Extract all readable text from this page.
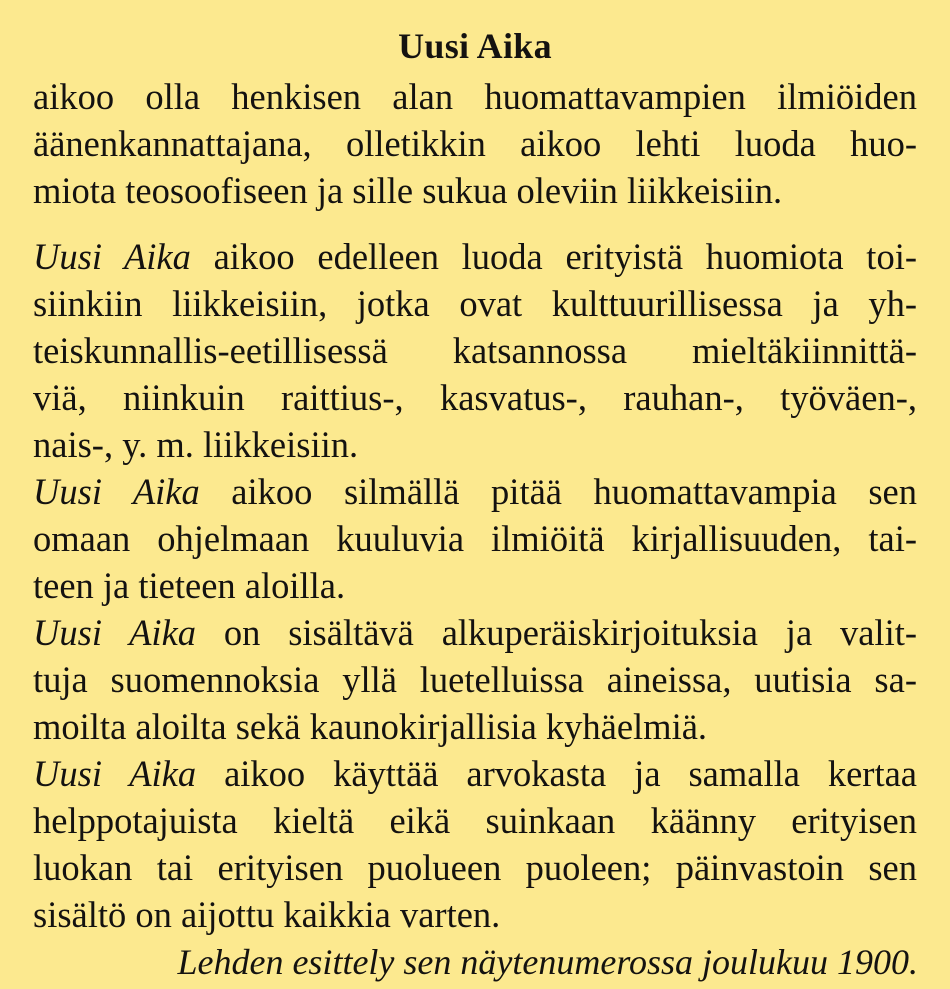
Uusi Aika
aikoo olla henkisen alan huomattavampien ilmiöiden
äänenkannattajana, olletikkin aikoo lehti luoda huo-
miota teosoofiseen ja sille sukua oleviin liikkeisiin.
Uusi Aika aikoo edelleen luoda erityistä huomiota toi-
siinkiin liikkeisiin, jotka ovat kulttuurillisessa ja yh-
teiskunnallis-eetillisessä katsannossa mieltäkiinnittä-
viä, niinkuin raittius-, kasvatus-, rauhan-, työväen-,
nais-, y. m. liikkeisiin.
Uusi Aika aikoo silmällä pitää huomattavampia sen
omaan ohjelmaan kuuluvia ilmiöitä kirjallisuuden, tai-
teen ja tieteen aloilla.
Uusi Aika on sisältävä alkuperäiskirjoituksia ja valit-
tuja suomennoksia yllä luetelluissa aineissa, uutisia sa-
moilta aloilta sekä kaunokirjallisia kyhäelmiä.
Uusi Aika aikoo käyttää arvokasta ja samalla kertaa
helppotajuista kieltä eikä suinkaan käänny erityisen
luokan tai erityisen puolueen puoleen; päinvastoin sen
sisältö on aijottu kaikkia varten.
Lehden esittely sen näytenumerossa joulukuu 1900.
